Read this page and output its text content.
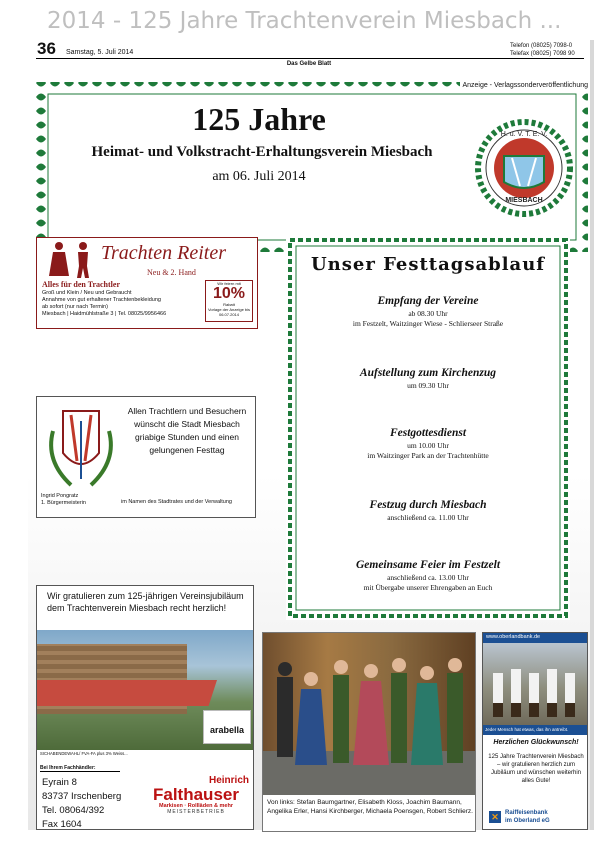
2014 - 125 Jahre Trachtenverein Miesbach ...
36 Samstag, 5. Juli 2014
Telefon (08025) 7098-0
Telefax (08025) 7098 90
Das Gelbe Blatt
H. u. V. T. E. V.
MIESBACH
Anzeige - Verlagssonderveröffentlichung
125 Jahre
Heimat- und Volkstracht-Erhaltungsverein Miesbach
am 06. Juli 2014
Trachten Reiter
Neu & 2. Hand
Alles für den Trachtler
Groß und Klein / Neu und Gebraucht
Annahme von gut erhaltener Trachtenbekleidung
ab sofort (nur nach Termin)
Miesbach | Haidmühlstraße 3 | Tel. 08025/9956466
Wir feiern mit
10%
Rabatt
Vorlage der Anzeige bis 06.07.2014
Allen Trachtlern und Besuchern wünscht die Stadt Miesbach griabige Stunden und einen gelungenen Festtag
Ingrid Pongratz
1. Bürgermeisterin	im Namen des Stadtrates und der Verwaltung
Unser Festtagsablauf
Empfang der Vereine
ab 08.30 Uhr
im Festzelt, Waitzinger Wiese - Schlierseer Straße
Aufstellung zum Kirchenzug
um 09.30 Uhr
Festgottesdienst
um 10.00 Uhr
im Waitzinger Park an der Trachtenhütte
Festzug durch Miesbach
anschließend ca. 11.00 Uhr
Gemeinsame Feier im Festzelt
anschließend ca. 13.00 Uhr
mit Übergabe unserer Ehrengaben an Euch
Wir gratulieren zum 125-jährigen Vereinsjubiläum dem Trachtenverein Miesbach recht herzlich!
arabella
SICHABENDEWAHL/ FVA-FA plus 3% Weiss...
Bei Ihrem Fachhändler:
Eyrain 8
83737 Irschenberg
Tel. 08064/392
Fax 1604
Heinrich
Falthauser
Markisen · Rollläden & mehr
MEISTERBETRIEB
Von links: Stefan Baumgartner, Elisabeth Kloss, Joachim Baumann, Angelika Erler, Hansi Kirchberger, Michaela Poensgen, Robert Schlierz.
www.oberlandbank.de
Jeder Mensch hat etwas, das ihn antreibt.
Herzlichen Glückwunsch!
125 Jahre Trachtenverein Miesbach – wir gratulieren herzlich zum Jubiläum und wünschen weiterhin alles Gute!
✕	Raiffeisenbank
im Oberland eG
